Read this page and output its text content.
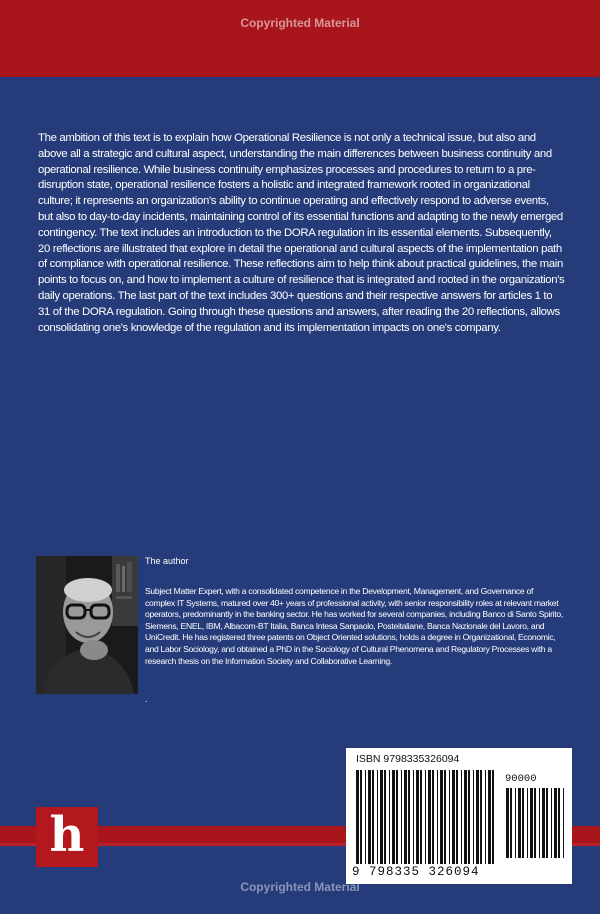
Copyrighted Material

The ambition of this text is to explain how Operational Resilience is not only a technical issue, but also and above all a strategic and cultural aspect, understanding the main differences between business continuity and operational resilience. While business continuity emphasizes processes and procedures to return to a pre-disruption state, operational resilience fosters a holistic and integrated framework rooted in organizational culture; it represents an organization's ability to continue operating and effectively respond to adverse events, but also to day-to-day incidents, maintaining control of its essential functions and adapting to the newly emerged contingency. The text includes an introduction to the DORA regulation in its essential elements. Subsequently, 20 reflections are illustrated that explore in detail the operational and cultural aspects of the implementation path of compliance with operational resilience. These reflections aim to help think about practical guidelines, the main points to focus on, and how to implement a culture of resilience that is integrated and rooted in the organization's daily operations. The last part of the text includes 300+ questions and their respective answers for articles 1 to 31 of the DORA regulation. Going through these questions and answers, after reading the 20 reflections, allows consolidating one's knowledge of the regulation and its implementation impacts on one's company.

The author

Subject Matter Expert, with a consolidated competence in the Development, Management, and Governance of complex IT Systems, matured over 40+ years of professional activity, with senior responsibility roles at relevant market operators, predominantly in the banking sector. He has worked for several companies, including Banco di Santo Spirito, Siemens, ENEL, IBM, Albacom-BT Italia, Banca Intesa Sanpaolo, Posteitaliane, Banca Nazionale del Lavoro, and UniCredit. He has registered three patents on Object Oriented solutions, holds a degree in Organizational, Economic, and Labor Sociology, and obtained a PhD in the Sociology of Cultural Phenomena and Regulatory Processes with a research thesis on the Information Society and Collaborative Learning.

.
h
ISBN 9798335326094
90000
9 798335 326094
Copyrighted Material
